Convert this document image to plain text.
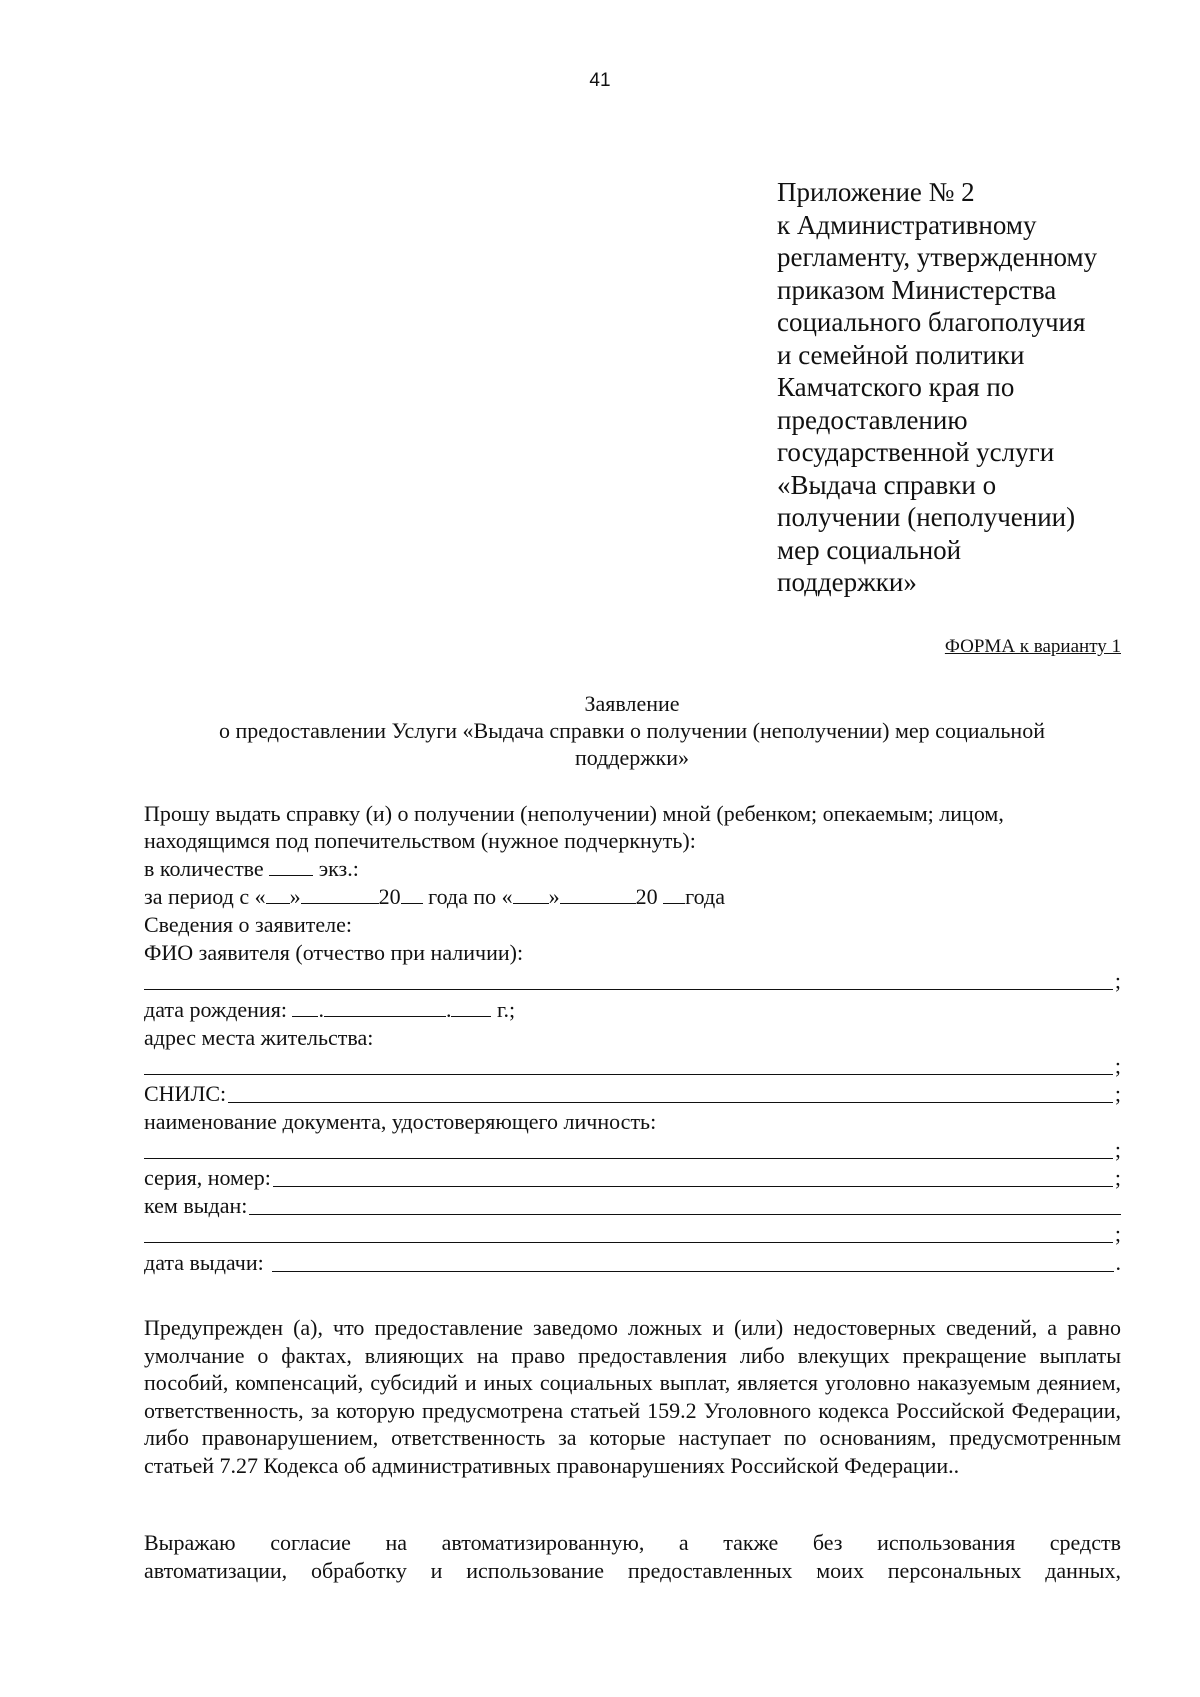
41
Приложение № 2
к Административному
регламенту, утвержденному
приказом Министерства
социального благополучия
и семейной политики
Камчатского края по
предоставлению
государственной услуги
«Выдача справки о
получении (неполучении)
мер социальной
поддержки»
ФОРМА к варианту 1
Заявление
о предоставлении Услуги «Выдача справки о получении (неполучении) мер социальной
поддержки»
Прошу выдать справку (и) о получении (неполучении) мной (ребенком; опекаемым; лицом,
находящимся под попечительством (нужное подчеркнуть):
в количестве	экз.:
за период с « »	20 года по « »	20 года
Сведения о заявителе:
ФИО заявителя (отчество при наличии):
;
дата рождения: .	. г.;
адрес места жительства:
;
СНИЛС:	;
наименование документа, удостоверяющего личность:
;
серия, номер:	;
кем выдан:
;
дата выдачи:	.
Предупрежден (а), что предоставление заведомо ложных и (или) недостоверных сведений, а равно умолчание о фактах, влияющих на право предоставления либо влекущих прекращение выплаты пособий, компенсаций, субсидий и иных социальных выплат, является уголовно наказуемым деянием, ответственность, за которую предусмотрена статьей 159.2 Уголовного кодекса Российской Федерации, либо правонарушением, ответственность за которые наступает по основаниям, предусмотренным статьей 7.27 Кодекса об административных правонарушениях Российской Федерации..
Выражаю согласие на автоматизированную, а также без использования средств
автоматизации, обработку и использование предоставленных моих персональных данных,
